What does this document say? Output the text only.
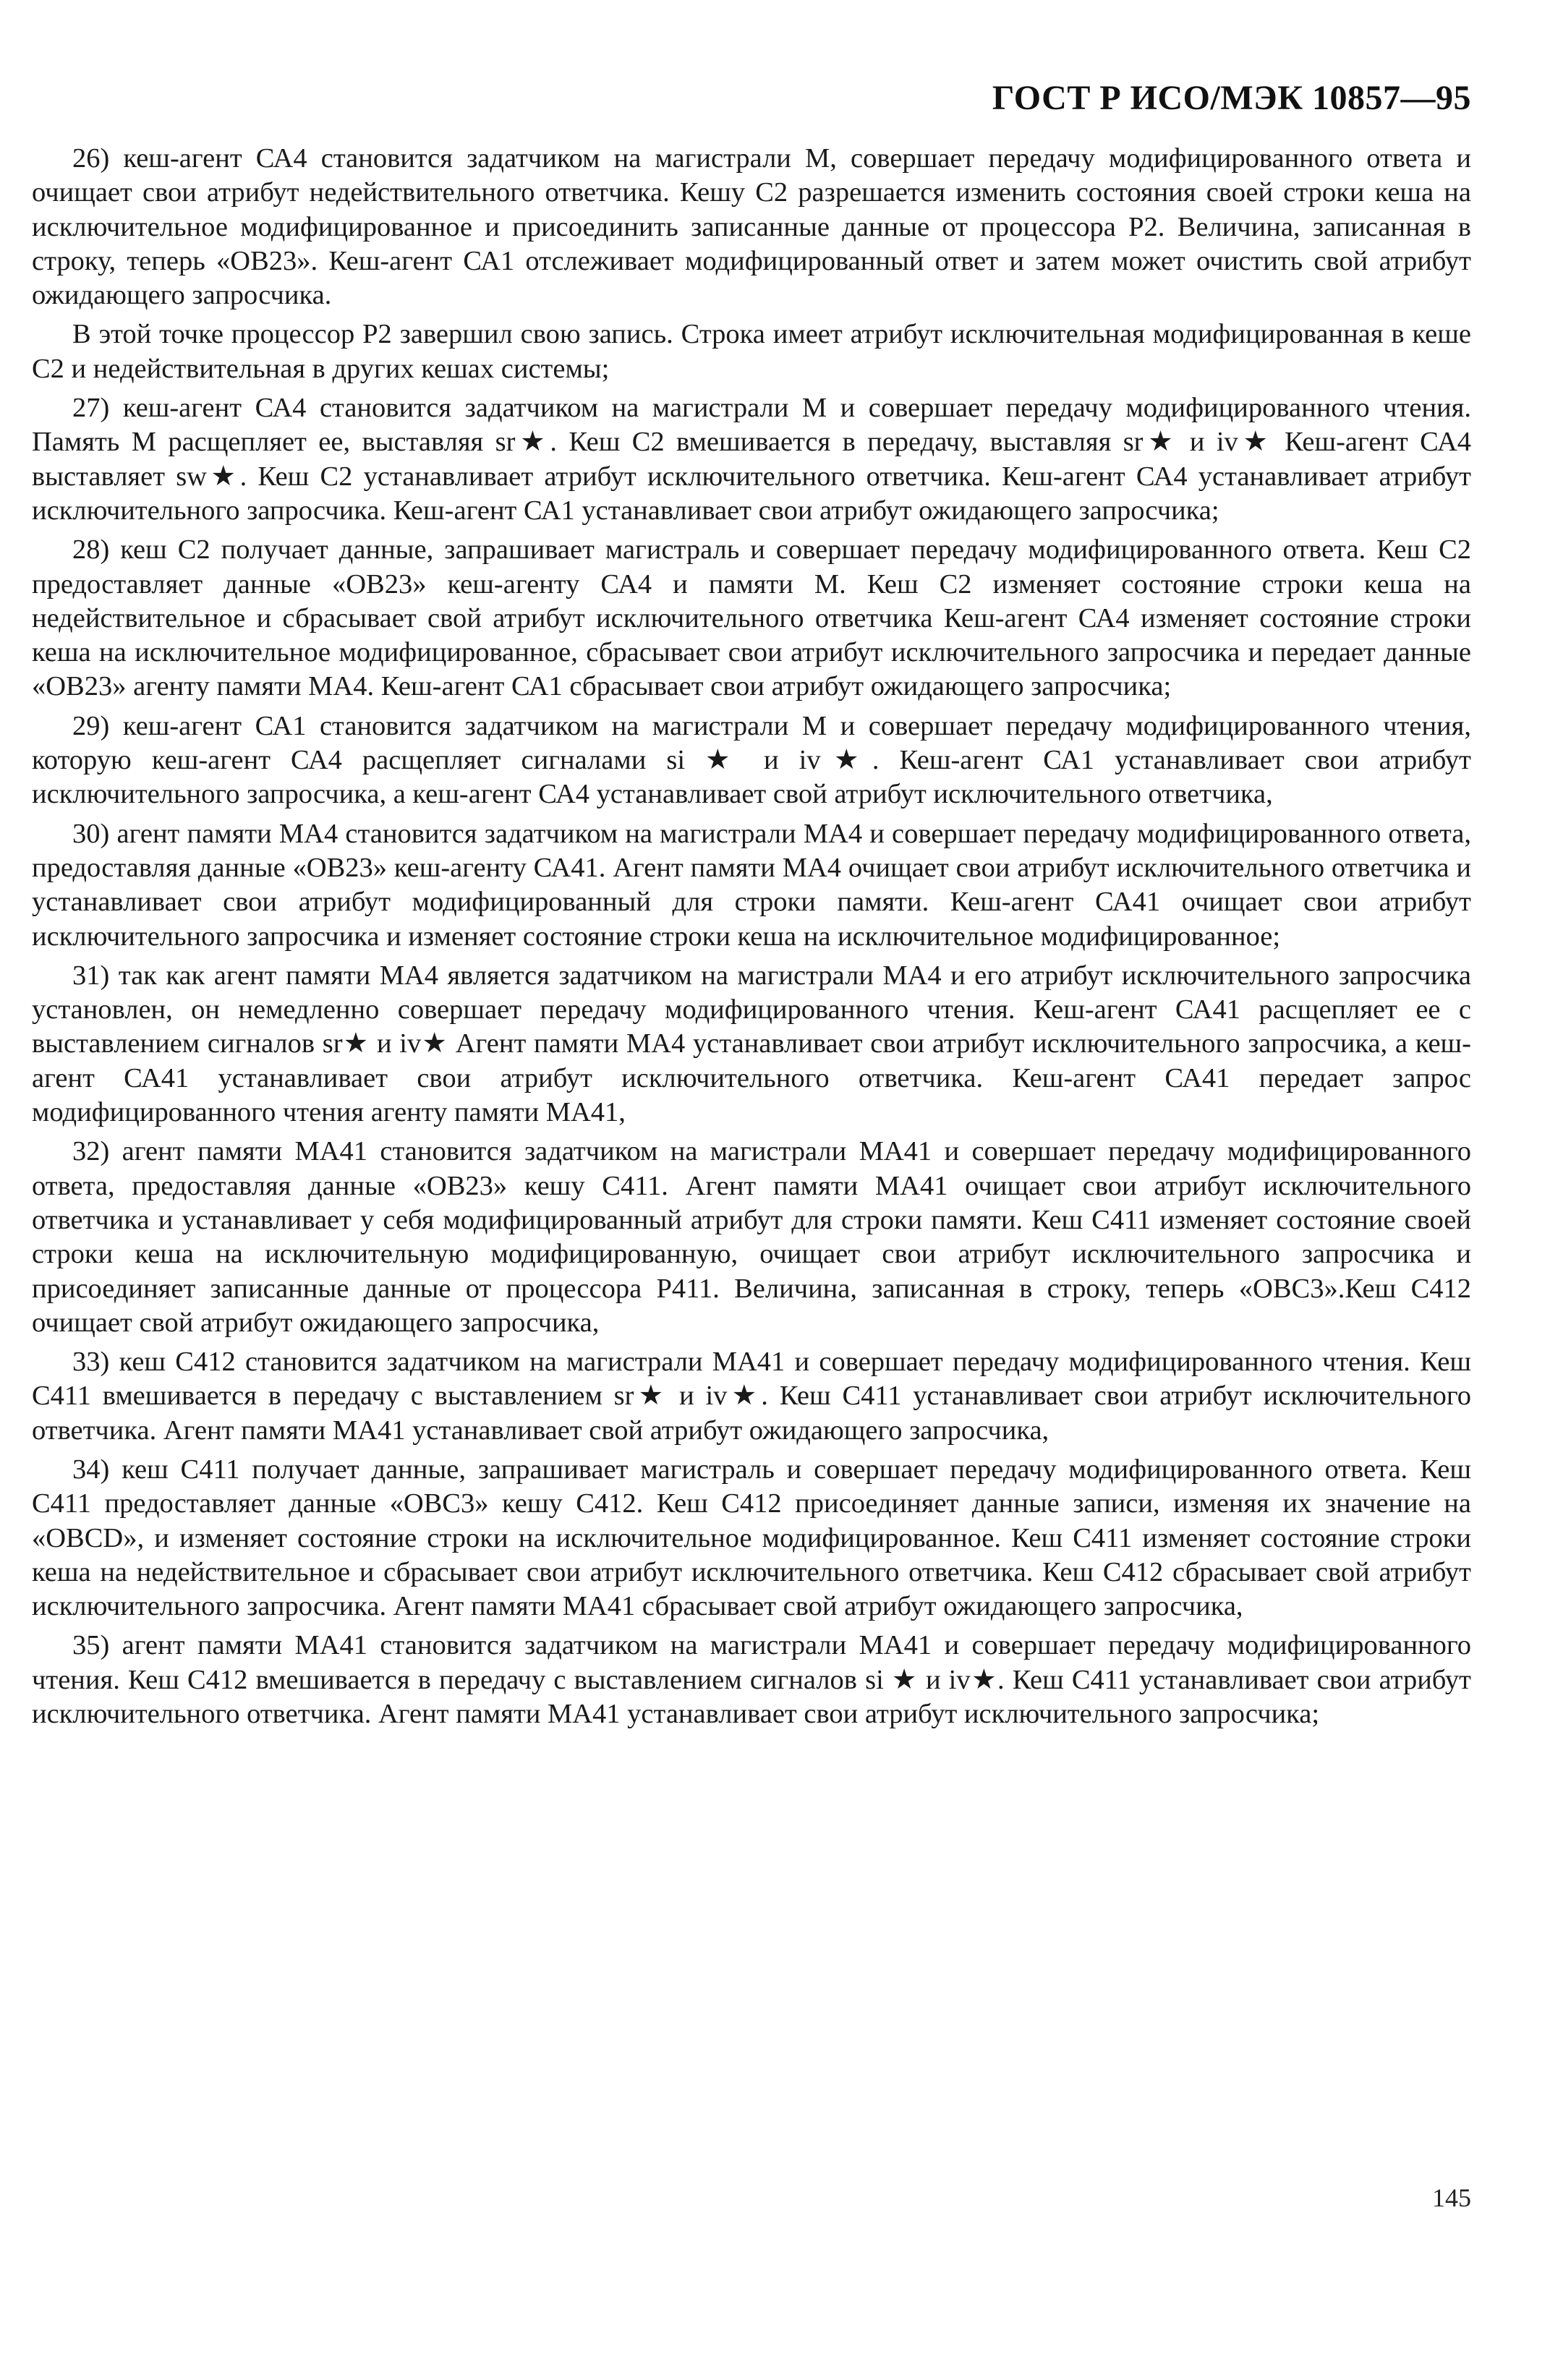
ГОСТ Р ИСО/МЭК 10857—95

26) кеш-агент СА4 становится задатчиком на магистрали М, совершает передачу модифицированного ответа и очищает свои атрибут недействительного ответчика. Кешу С2 разрешается изменить состояния своей строки кеша на исключительное модифицированное и присоединить записанные данные от процессора Р2. Величина, записанная в строку, теперь «ОВ23». Кеш-агент СА1 отслеживает модифицированный ответ и затем может очистить свой атрибут ожидающего запросчика.

В этой точке процессор Р2 завершил свою запись. Строка имеет атрибут исключительная модифицированная в кеше С2 и недействительная в других кешах системы;

27) кеш-агент СА4 становится задатчиком на магистрали М и совершает передачу модифицированного чтения. Память М расщепляет ее, выставляя sr★. Кеш С2 вмешивается в передачу, выставляя sr★ и iv★ Кеш-агент СА4 выставляет sw★. Кеш С2 устанавливает атрибут исключительного ответчика. Кеш-агент СА4 устанавливает атрибут исключительного запросчика. Кеш-агент СА1 устанавливает свои атрибут ожидающего запросчика;

28) кеш С2 получает данные, запрашивает магистраль и совершает передачу модифицированного ответа. Кеш С2 предоставляет данные «ОВ23» кеш-агенту СА4 и памяти М. Кеш С2 изменяет состояние строки кеша на недействительное и сбрасывает свой атрибут исключительного ответчика Кеш-агент СА4 изменяет состояние строки кеша на исключительное модифицированное, сбрасывает свои атрибут исключительного запросчика и передает данные «ОВ23» агенту памяти МА4. Кеш-агент СА1 сбрасывает свои атрибут ожидающего запросчика;

29) кеш-агент СА1 становится задатчиком на магистрали М и совершает передачу модифицированного чтения, которую кеш-агент СА4 расщепляет сигналами si ★ и iv★. Кеш-агент СА1 устанавливает свои атрибут исключительного запросчика, а кеш-агент СА4 устанавливает свой атрибут исключительного ответчика,

30) агент памяти МА4 становится задатчиком на магистрали МА4 и совершает передачу модифицированного ответа, предоставляя данные «ОВ23» кеш-агенту СА41. Агент памяти МА4 очищает свои атрибут исключительного ответчика и устанавливает свои атрибут модифицированный для строки памяти. Кеш-агент СА41 очищает свои атрибут исключительного запросчика и изменяет состояние строки кеша на исключительное модифицированное;

31) так как агент памяти МА4 является задатчиком на магистрали МА4 и его атрибут исключительного запросчика установлен, он немедленно совершает передачу модифицированного чтения. Кеш-агент СА41 расщепляет ее с выставлением сигналов sr★ и iv★ Агент памяти МА4 устанавливает свои атрибут исключительного запросчика, а кеш-агент СА41 устанавливает свои атрибут исключительного ответчика. Кеш-агент СА41 передает запрос модифицированного чтения агенту памяти МА41,

32) агент памяти МА41 становится задатчиком на магистрали МА41 и совершает передачу модифицированного ответа, предоставляя данные «ОВ23» кешу С411. Агент памяти МА41 очищает свои атрибут исключительного ответчика и устанавливает у себя модифицированный атрибут для строки памяти. Кеш С411 изменяет состояние своей строки кеша на исключительную модифицированную, очищает свои атрибут исключительного запросчика и присоединяет записанные данные от процессора Р411. Величина, записанная в строку, теперь «ОВС3».Кеш С412 очищает свой атрибут ожидающего запросчика,

33) кеш С412 становится задатчиком на магистрали МА41 и совершает передачу модифицированного чтения. Кеш С411 вмешивается в передачу с выставлением sr★ и iv★. Кеш С411 устанавливает свои атрибут исключительного ответчика. Агент памяти МА41 устанавливает свой атрибут ожидающего запросчика,

34) кеш С411 получает данные, запрашивает магистраль и совершает передачу модифицированного ответа. Кеш С411 предоставляет данные «ОВС3» кешу С412. Кеш С412 присоединяет данные записи, изменяя их значение на «ОВСD», и изменяет состояние строки на исключительное модифицированное. Кеш С411 изменяет состояние строки кеша на недействительное и сбрасывает свои атрибут исключительного ответчика. Кеш С412 сбрасывает свой атрибут исключительного запросчика. Агент памяти МА41 сбрасывает свой атрибут ожидающего запросчика,

35) агент памяти МА41 становится задатчиком на магистрали МА41 и совершает передачу модифицированного чтения. Кеш С412 вмешивается в передачу с выставлением сигналов si ★ и iv★. Кеш С411 устанавливает свои атрибут исключительного ответчика. Агент памяти МА41 устанавливает свои атрибут исключительного запросчика;

145
